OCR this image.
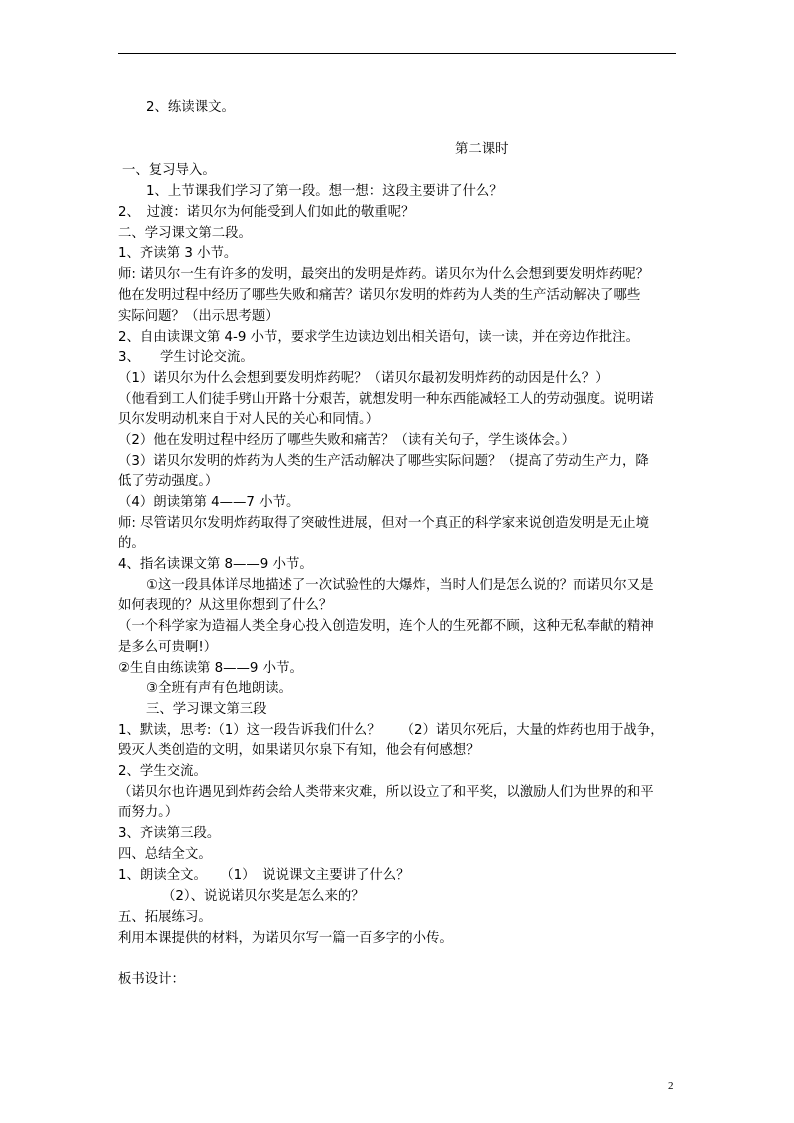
2、练读课文。
第二课时
一、复习导入。
1、上节课我们学习了第一段。想一想：这段主要讲了什么？
2、　过渡：诺贝尔为何能受到人们如此的敬重呢？
二、学习课文第二段。
1、齐读第 3 小节。
师: 诺贝尔一生有许多的发明，最突出的发明是炸药。诺贝尔为什么会想到要发明炸药呢？
他在发明过程中经历了哪些失败和痛苦？诺贝尔发明的炸药为人类的生产活动解决了哪些
实际问题？（出示思考题）
2、自由读课文第 4-9 小节，要求学生边读边划出相关语句，读一读，并在旁边作批注。
3、　　学生讨论交流。
（1）诺贝尔为什么会想到要发明炸药呢？（诺贝尔最初发明炸药的动因是什么？）
（他看到工人们徒手劈山开路十分艰苦，就想发明一种东西能减轻工人的劳动强度。说明诺
贝尔发明动机来自于对人民的关心和同情。）
（2）他在发明过程中经历了哪些失败和痛苦？（读有关句子，学生谈体会。）
（3）诺贝尔发明的炸药为人类的生产活动解决了哪些实际问题？（提高了劳动生产力，降
低了劳动强度。）
（4）朗读第第 4——7 小节。
师: 尽管诺贝尔发明炸药取得了突破性进展，但对一个真正的科学家来说创造发明是无止境
的。
4、指名读课文第 8——9 小节。
①这一段具体详尽地描述了一次试验性的大爆炸，当时人们是怎么说的？而诺贝尔又是
如何表现的？从这里你想到了什么？
（一个科学家为造福人类全身心投入创造发明，连个人的生死都不顾，这种无私奉献的精神
是多么可贵啊!）
②生自由练读第 8——9 小节。
③全班有声有色地朗读。
三、学习课文第三段
1、默读，思考:（1）这一段告诉我们什么？　　（2）诺贝尔死后，大量的炸药也用于战争，
毁灭人类创造的文明，如果诺贝尔泉下有知，他会有何感想？
2、学生交流。
（诺贝尔也许遇见到炸药会给人类带来灾难，所以设立了和平奖，以激励人们为世界的和平
而努力。）
3、齐读第三段。
四、总结全文。
1、朗读全文。　　（1）　说说课文主要讲了什么？
（2）、说说诺贝尔奖是怎么来的？
五、拓展练习。
利用本课提供的材料，为诺贝尔写一篇一百多字的小传。
板书设计：
2
